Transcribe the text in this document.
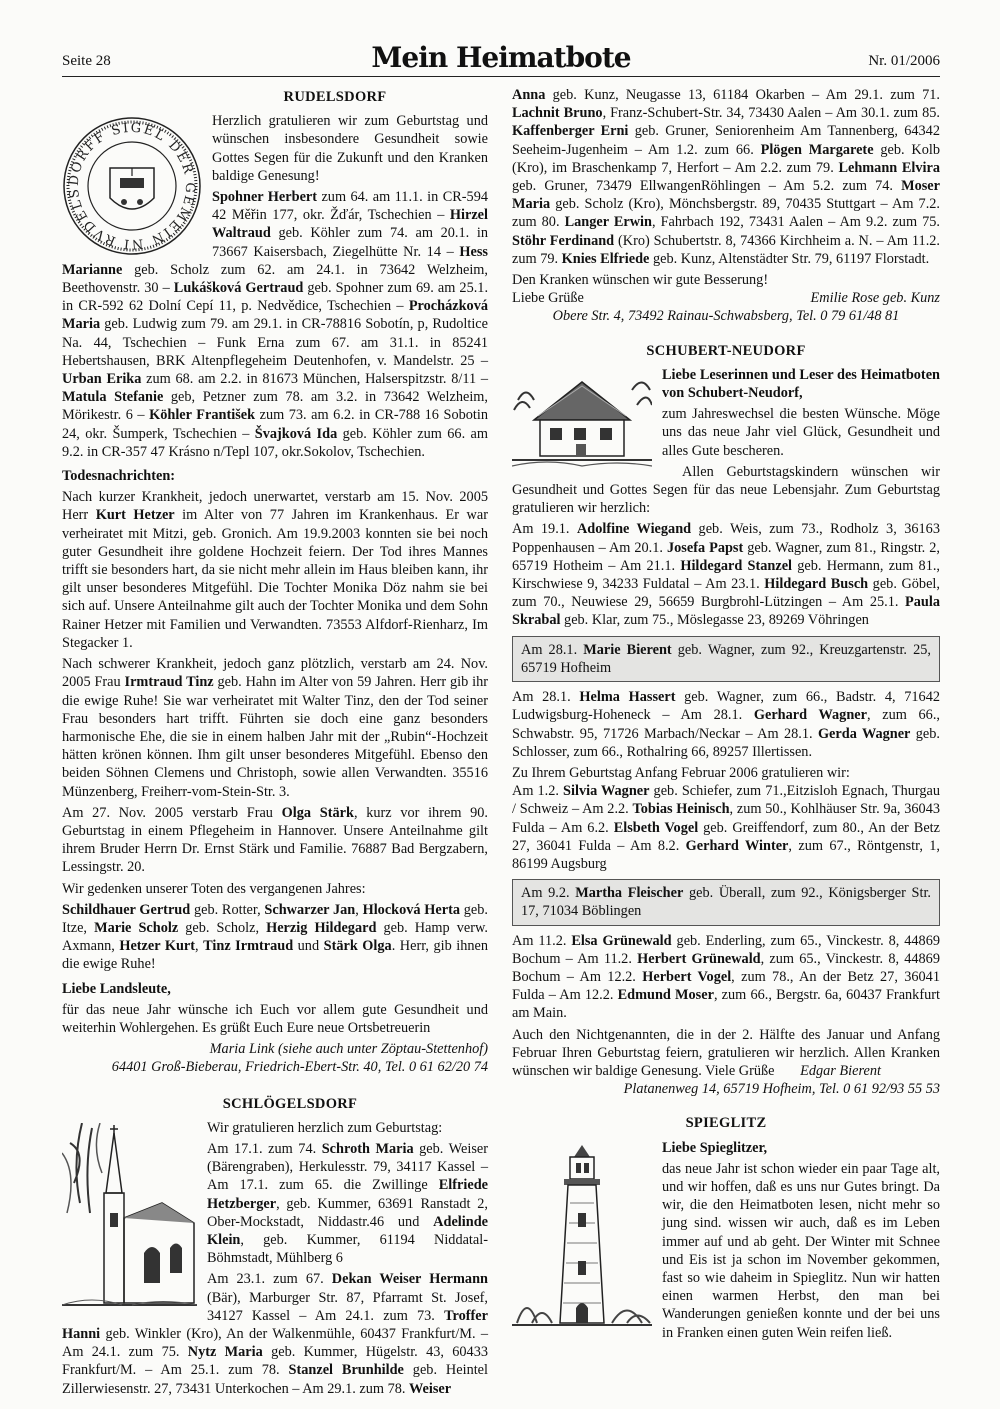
Seite 28	Mein Heimatbote	Nr. 01/2006
RUDELSDORF
DORFF SIGEL DER GEMEIN NI RVDELS

Herzlich gratulieren wir zum Geburtstag und wünschen insbesondere Gesundheit sowie Gottes Segen für die Zukunft und den Kranken baldige Genesung!

Spohner Herbert zum 64. am 11.1. in CR-594 42 Měřin 177, okr. Žďár, Tschechien – Hirzel Waltraud geb. Köhler zum 74. am 20.1. in 73667 Kaisersbach, Ziegelhütte Nr. 14 – Hess Marianne geb. Scholz zum 62. am 24.1. in 73642 Welzheim, Beethovenstr. 30 – Lukášková Gertraud geb. Spohner zum 69. am 25.1. in CR-592 62 Dolní Cepí 11, p. Nedvědice, Tschechien – Procházková Maria geb. Ludwig zum 79. am 29.1. in CR-78816 Sobotín, p, Rudoltice Na. 44, Tschechien – Funk Erna zum 67. am 31.1. in 85241 Hebertshausen, BRK Altenpflegeheim Deutenhofen, v. Mandelstr. 25 – Urban Erika zum 68. am 2.2. in 81673 München, Halserspitzstr. 8/11 – Matula Stefanie geb, Petzner zum 78. am 3.2. in 73642 Welzheim, Mörikestr. 6 – Köhler František zum 73. am 6.2. in CR-788 16 Sobotin 24, okr. Šumperk, Tschechien – Švajková Ida geb. Köhler zum 66. am 9.2. in CR-357 47 Krásno n/Tepl 107, okr.Sokolov, Tschechien.

Todesnachrichten:

Nach kurzer Krankheit, jedoch unerwartet, verstarb am 15. Nov. 2005 Herr Kurt Hetzer im Alter von 77 Jahren im Krankenhaus. Er war verheiratet mit Mitzi, geb. Gronich. Am 19.9.2003 konnten sie bei noch guter Gesundheit ihre goldene Hochzeit feiern. Der Tod ihres Mannes trifft sie besonders hart, da sie nicht mehr allein im Haus bleiben kann, ihr gilt unser besonderes Mitgefühl. Die Tochter Monika Döz nahm sie bei sich auf. Unsere Anteilnahme gilt auch der Tochter Monika und dem Sohn Rainer Hetzer mit Familien und Verwandten. 73553 Alfdorf-Rienharz, Im Stegacker 1.

Nach schwerer Krankheit, jedoch ganz plötzlich, verstarb am 24. Nov. 2005 Frau Irmtraud Tinz geb. Hahn im Alter von 59 Jahren. Herr gib ihr die ewige Ruhe! Sie war verheiratet mit Walter Tinz, den der Tod seiner Frau besonders hart trifft. Führten sie doch eine ganz besonders harmonische Ehe, die sie in einem halben Jahr mit der „Rubin“-Hochzeit hätten krönen können. Ihm gilt unser besonderes Mitgefühl. Ebenso den beiden Söhnen Clemens und Christoph, sowie allen Verwandten. 35516 Münzenberg, Freiherr-vom-Stein-Str. 3.

Am 27. Nov. 2005 verstarb Frau Olga Stärk, kurz vor ihrem 90. Geburtstag in einem Pflegeheim in Hannover. Unsere Anteilnahme gilt ihrem Bruder Herrn Dr. Ernst Stärk und Familie. 76887 Bad Bergzabern, Lessingstr. 20.

Wir gedenken unserer Toten des vergangenen Jahres:

Schildhauer Gertrud geb. Rotter, Schwarzer Jan, Hlocková Herta geb. Itze, Marie Scholz geb. Scholz, Herzig Hildegard geb. Hamp verw. Axmann, Hetzer Kurt, Tinz Irmtraud und Stärk Olga. Herr, gib ihnen die ewige Ruhe!

Liebe Landsleute,

für das neue Jahr wünsche ich Euch vor allem gute Gesundheit und weiterhin Wohlergehen. Es grüßt Euch Eure neue Ortsbetreuerin

Maria Link (siehe auch unter Zöptau-Stettenhof)

64401 Groß-Bieberau, Friedrich-Ebert-Str. 40, Tel. 0 61 62/20 74

SCHLÖGELSDORF

Wir gratulieren herzlich zum Geburtstag:

Am 17.1. zum 74. Schroth Maria geb. Weiser (Bärengraben), Herkulesstr. 79, 34117 Kassel – Am 17.1. zum 65. die Zwillinge Elfriede Hetzberger, geb. Kummer, 63691 Ranstadt 2, Ober-Mockstadt, Niddastr.46 und Adelinde Klein, geb. Kummer, 61194 Niddatal-Böhmstadt, Mühlberg 6

Am 23.1. zum 67. Dekan Weiser Hermann (Bär), Marburger Str. 87, Pfarramt St. Josef, 34127 Kassel – Am 24.1. zum 73. Troffer Hanni geb. Winkler (Kro), An der Walkenmühle, 60437 Frankfurt/M. – Am 24.1. zum 75. Nytz Maria geb. Kummer, Hügelstr. 43, 60433 Frankfurt/M. – Am 25.1. zum 78. Stanzel Brunhilde geb. Heintel Zillerwiesenstr. 27, 73431 Unterkochen – Am 29.1. zum 78. Weiser

Anna geb. Kunz, Neugasse 13, 61184 Okarben – Am 29.1. zum 71. Lachnit Bruno, Franz-Schubert-Str. 34, 73430 Aalen – Am 30.1. zum 85. Kaffenberger Erni geb. Gruner, Seniorenheim Am Tannenberg, 64342 Seeheim-Jugenheim – Am 1.2. zum 66. Plögen Margarete geb. Kolb (Kro), im Braschenkamp 7, Herfort – Am 2.2. zum 79. Lehmann Elvira geb. Gruner, 73479 EllwangenRöhlingen – Am 5.2. zum 74. Moser Maria geb. Scholz (Kro), Mönchsbergstr. 89, 70435 Stuttgart – Am 7.2. zum 80. Langer Erwin, Fahrbach 192, 73431 Aalen – Am 9.2. zum 75. Stöhr Ferdinand (Kro) Schubertstr. 8, 74366 Kirchheim a. N. – Am 11.2. zum 79. Knies Elfriede geb. Kunz, Altenstädter Str. 79, 61197 Florstadt.

Den Kranken wünschen wir gute Besserung!

Liebe Grüße	Emilie Rose geb. Kunz

Obere Str. 4, 73492 Rainau-Schwabsberg, Tel. 0 79 61/48 81

SCHUBERT-NEUDORF

Liebe Leserinnen und Leser des Heimatboten von Schubert-Neudorf,

zum Jahreswechsel die besten Wünsche. Möge uns das neue Jahr viel Glück, Gesundheit und alles Gute bescheren.

Allen Geburtstagskindern wünschen wir Gesundheit und Gottes Segen für das neue Lebensjahr. Zum Geburtstag gratulieren wir herzlich:

Am 19.1. Adolfine Wiegand geb. Weis, zum 73., Rodholz 3, 36163 Poppenhausen – Am 20.1. Josefa Papst geb. Wagner, zum 81., Ringstr. 2, 65719 Hotheim – Am 21.1. Hildegard Stanzel geb. Hermann, zum 81., Kirschwiese 9, 34233 Fuldatal – Am 23.1. Hildegard Busch geb. Göbel, zum 70., Neuwiese 29, 56659 Burgbrohl-Lützingen – Am 25.1. Paula Skrabal geb. Klar, zum 75., Möslegasse 23, 89269 Vöhringen

Am 28.1. Marie Bierent geb. Wagner, zum 92., Kreuzgartenstr. 25, 65719 Hofheim

Am 28.1. Helma Hassert geb. Wagner, zum 66., Badstr. 4, 71642 Ludwigsburg-Hoheneck – Am 28.1. Gerhard Wagner, zum 66., Schwabstr. 95, 71726 Marbach/Neckar – Am 28.1. Gerda Wagner geb. Schlosser, zum 66., Rothalring 66, 89257 Illertissen.

Zu Ihrem Geburtstag Anfang Februar 2006 gratulieren wir:

Am 1.2. Silvia Wagner geb. Schiefer, zum 71.,Eitzisloh Egnach, Thurgau / Schweiz – Am 2.2. Tobias Heinisch, zum 50., Kohlhäuser Str. 9a, 36043 Fulda – Am 6.2. Elsbeth Vogel geb. Greiffendorf, zum 80., An der Betz 27, 36041 Fulda – Am 8.2. Gerhard Winter, zum 67., Röntgenstr, 1, 86199 Augsburg

Am 9.2. Martha Fleischer geb. Überall, zum 92., Königsberger Str. 17, 71034 Böblingen

Am 11.2. Elsa Grünewald geb. Enderling, zum 65., Vinckestr. 8, 44869 Bochum – Am 11.2. Herbert Grünewald, zum 65., Vinckestr. 8, 44869 Bochum – Am 12.2. Herbert Vogel, zum 78., An der Betz 27, 36041 Fulda – Am 12.2. Edmund Moser, zum 66., Bergstr. 6a, 60437 Frankfurt am Main.

Auch den Nichtgenannten, die in der 2. Hälfte des Januar und Anfang Februar Ihren Geburtstag feiern, gratulieren wir herzlich. Allen Kranken wünschen wir baldige Genesung. Viele Grüße Edgar Bierent

Platanenweg 14, 65719 Hofheim, Tel. 0 61 92/93 55 53

SPIEGLITZ

Liebe Spieglitzer,

das neue Jahr ist schon wieder ein paar Tage alt, und wir hoffen, daß es uns nur Gutes bringt. Da wir, die den Heimatboten lesen, nicht mehr so jung sind. wissen wir auch, daß es im Leben immer auf und ab geht. Der Winter mit Schnee und Eis ist ja schon im November gekommen, fast so wie daheim in Spieglitz. Nun wir hatten einen warmen Herbst, den man bei Wanderungen genießen konnte und der bei uns in Franken einen guten Wein reifen ließ.
